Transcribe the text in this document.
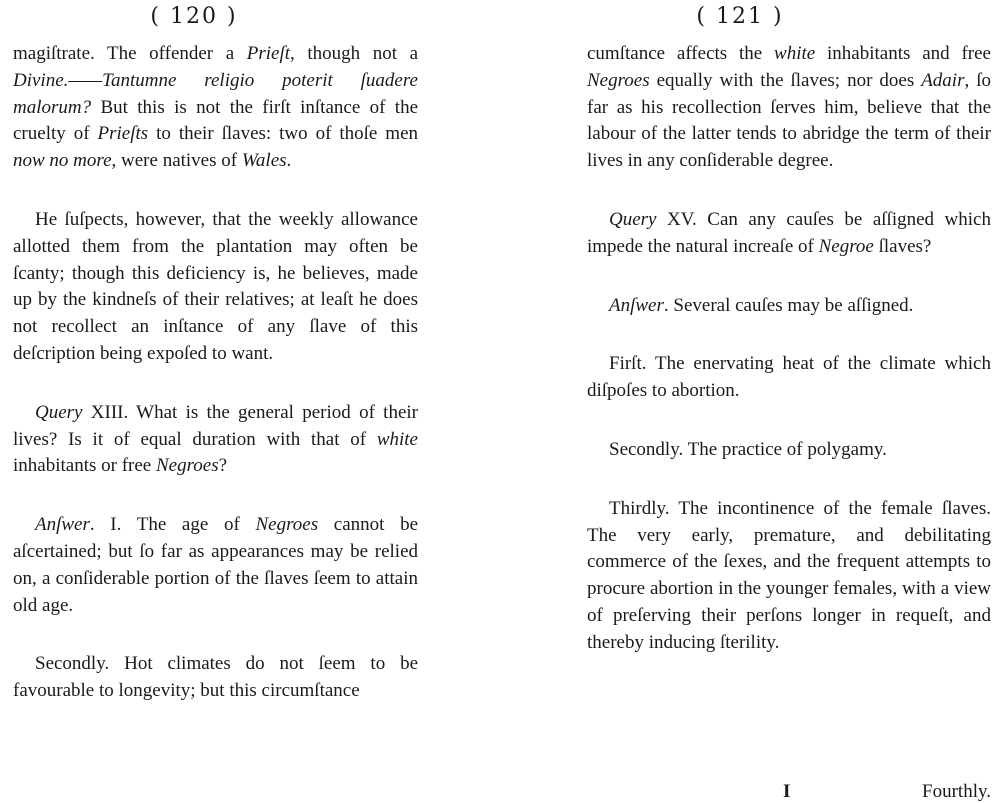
( 120 )

magiſtrate. The offender a Prieſt, though not a Divine.——Tantumne religio poterit ſuadere malorum? But this is not the firſt inſtance of the cruelty of Prieſts to their ſlaves: two of thoſe men now no more, were natives of Wales.

He ſuſpects, however, that the weekly allowance allotted them from the plantation may often be ſcanty; though this deficiency is, he believes, made up by the kindneſs of their relatives; at leaſt he does not recollect an inſtance of any ſlave of this deſcription being expoſed to want.

Query XIII. What is the general period of their lives? Is it of equal duration with that of white inhabitants or free Negroes?

Anſwer. I. The age of Negroes cannot be aſcertained; but ſo far as appearances may be relied on, a conſiderable portion of the ſlaves ſeem to attain old age.

Secondly. Hot climates do not ſeem to be favourable to longevity; but this circumſtance

( 121 )

cumſtance affects the white inhabitants and free Negroes equally with the ſlaves; nor does Adair, ſo far as his recollection ſerves him, believe that the labour of the latter tends to abridge the term of their lives in any conſiderable degree.

Query XV. Can any cauſes be aſſigned which impede the natural increaſe of Negroe ſlaves?

Anſwer. Several cauſes may be aſſigned.

Firſt. The enervating heat of the climate which diſpoſes to abortion.

Secondly. The practice of polygamy.

Thirdly. The incontinence of the female ſlaves. The very early, premature, and debilitating commerce of the ſexes, and the frequent attempts to procure abortion in the younger females, with a view of preſerving their perſons longer in requeſt, and thereby inducing ſterility.

I	Fourthly.
